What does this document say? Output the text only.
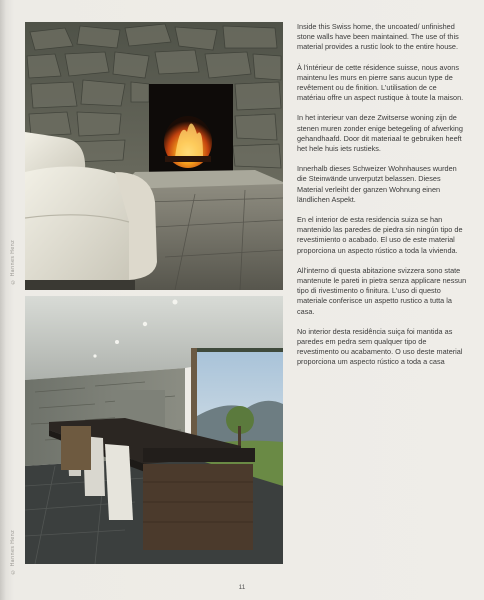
© Hannes Henz
© Hannes Henz

Inside this Swiss home, the uncoated/ unfinished stone walls have been maintained. The use of this material provides a rustic look to the entire house.

À l'intérieur de cette résidence suisse, nous avons maintenu les murs en pierre sans aucun type de revêtement ou de finition. L'utilisation de ce matériau offre un aspect rustique à toute la maison.

In het interieur van deze Zwitserse woning zijn de stenen muren zonder enige betegeling of afwerking gehandhaafd. Door dit materiaal te gebruiken heeft het hele huis iets rustieks.

Innerhalb dieses Schweizer Wohnhauses wurden die Steinwände unverputzt belassen. Dieses Material verleiht der ganzen Wohnung einen ländlichen Aspekt.

En el interior de esta residencia suiza se han mantenido las paredes de piedra sin ningún tipo de revestimiento o acabado. El uso de este material proporciona un aspecto rústico a toda la vivienda.

All'interno di questa abitazione svizzera sono state mantenute le pareti in pietra senza applicare nessun tipo di rivestimento o finitura. L'uso di questo materiale conferisce un aspetto rustico a tutta la casa.

No interior desta residência suiça foi mantida as paredes em pedra sem qualquer tipo de revestimento ou acabamento. O uso deste material proporciona um aspecto rústico a toda a casa

11
